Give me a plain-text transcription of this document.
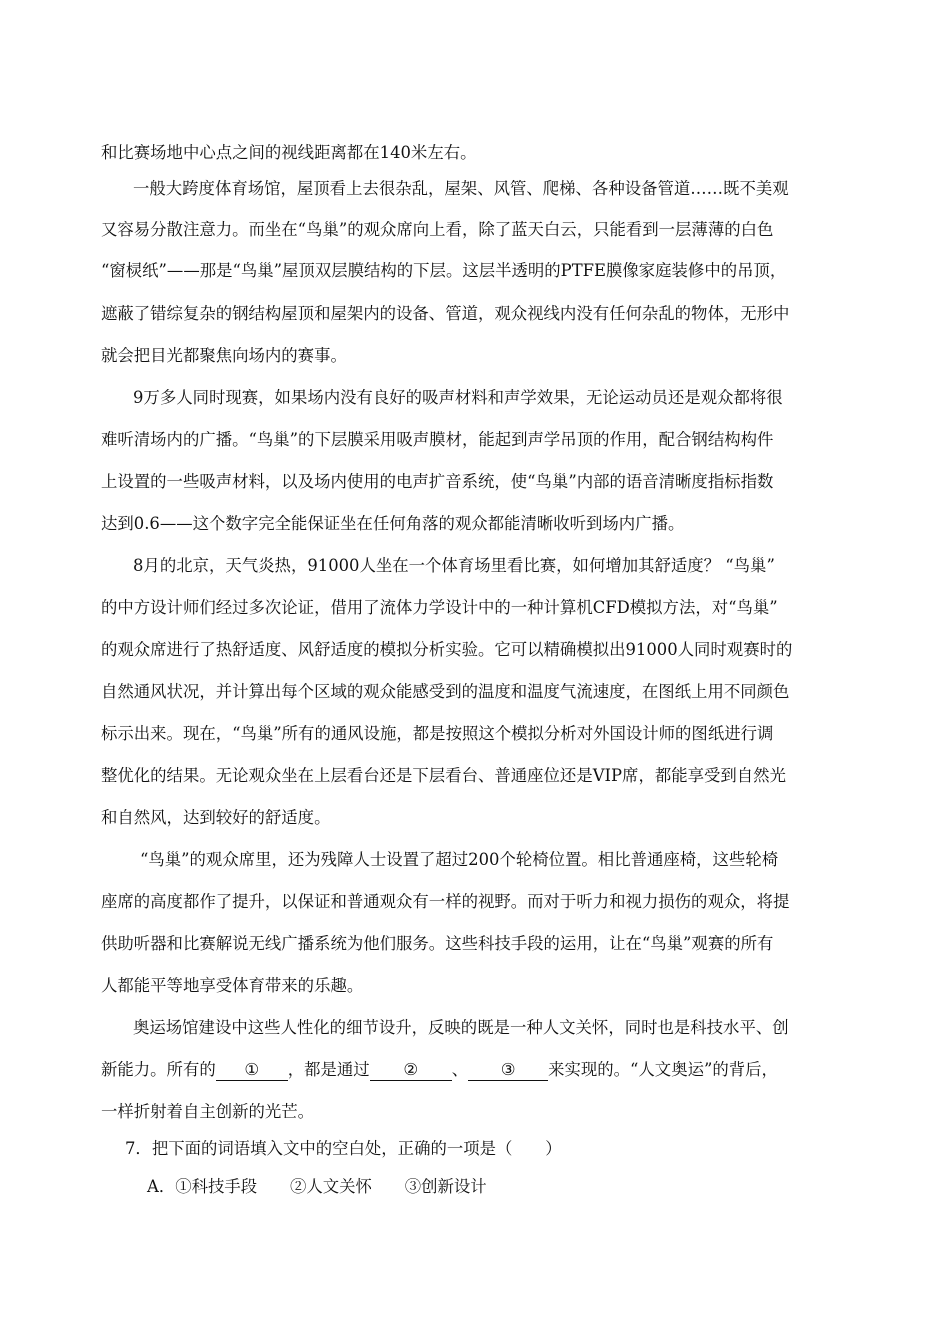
和比赛场地中心点之间的视线距离都在140米左右。
一般大跨度体育场馆，屋顶看上去很杂乱，屋架、风管、爬梯、各种设备管道……既不美观
又容易分散注意力。而坐在“鸟巢”的观众席向上看，除了蓝天白云，只能看到一层薄薄的白色
“窗棂纸”——那是“鸟巢”屋顶双层膜结构的下层。这层半透明的PTFE膜像家庭装修中的吊顶，
遮蔽了错综复杂的钢结构屋顶和屋架内的设备、管道，观众视线内没有任何杂乱的物体，无形中
就会把目光都聚焦向场内的赛事。
9万多人同时现赛，如果场内没有良好的吸声材料和声学效果，无论运动员还是观众都将很
难听清场内的广播。“鸟巢”的下层膜采用吸声膜材，能起到声学吊顶的作用，配合钢结构构件
上设置的一些吸声材料，以及场内使用的电声扩音系统，使“鸟巢”内部的语音清晰度指标指数
达到0.6——这个数字完全能保证坐在任何角落的观众都能清晰收听到场内广播。
8月的北京，天气炎热，91000人坐在一个体育场里看比赛，如何增加其舒适度？ “鸟巢”
的中方设计师们经过多次论证，借用了流体力学设计中的一种计算机CFD模拟方法，对“鸟巢”
的观众席进行了热舒适度、风舒适度的模拟分析实验。它可以精确模拟出91000人同时观赛时的
自然通风状况，并计算出每个区域的观众能感受到的温度和温度气流速度，在图纸上用不同颜色
标示出来。现在，“鸟巢”所有的通风设施，都是按照这个模拟分析对外国设计师的图纸进行调
整优化的结果。无论观众坐在上层看台还是下层看台、普通座位还是VIP席，都能享受到自然光
和自然风，达到较好的舒适度。
“鸟巢”的观众席里，还为残障人士设置了超过200个轮椅位置。相比普通座椅，这些轮椅
座席的高度都作了提升，以保证和普通观众有一样的视野。而对于听力和视力损伤的观众，将提
供助听器和比赛解说无线广播系统为他们服务。这些科技手段的运用，让在“鸟巢”观赛的所有
人都能平等地享受体育带来的乐趣。
奥运场馆建设中这些人性化的细节设升，反映的既是一种人文关怀，同时也是科技水平、创
新能力。所有的 ① ，都是通过 ② 、 ③ 来实现的。“人文奥运”的背后，
一样折射着自主创新的光芒。
7．把下面的词语填入文中的空白处，正确的一项是（　　）
A．①科技手段　　②人文关怀　　③创新设计
